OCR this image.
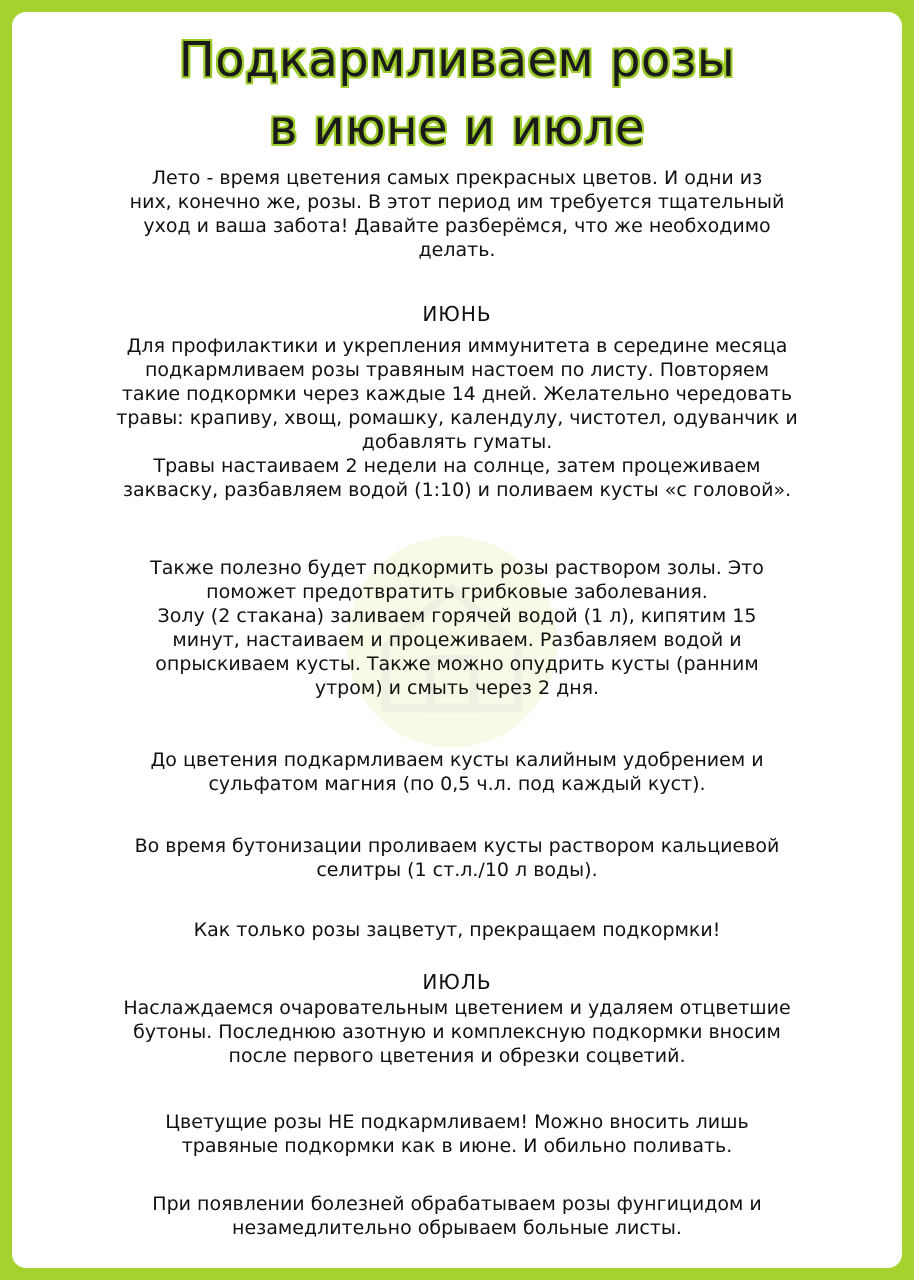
Подкармливаем розы
в июне и июле
Лето - время цветения самых прекрасных цветов. И одни из
них, конечно же, розы. В этот период им требуется тщательный
уход и ваша забота! Давайте разберёмся, что же необходимо
делать.
ИЮНЬ
Для профилактики и укрепления иммунитета в середине месяца
подкармливаем розы травяным настоем по листу. Повторяем
такие подкормки через каждые 14 дней. Желательно чередовать
травы: крапиву, хвощ, ромашку, календулу, чистотел, одуванчик и
добавлять гуматы.
Травы настаиваем 2 недели на солнце, затем процеживаем
закваску, разбавляем водой (1:10) и поливаем кусты «с головой».
Также полезно будет подкормить розы раствором золы. Это
поможет предотвратить грибковые заболевания.
Золу (2 стакана) заливаем горячей водой (1 л), кипятим 15
минут, настаиваем и процеживаем. Разбавляем водой и
опрыскиваем кусты. Также можно опудрить кусты (ранним
утром) и смыть через 2 дня.
До цветения подкармливаем кусты калийным удобрением и
сульфатом магния (по 0,5 ч.л. под каждый куст).
Во время бутонизации проливаем кусты раствором кальциевой
селитры (1 ст.л./10 л воды).
Как только розы зацветут, прекращаем подкормки!
ИЮЛЬ
Наслаждаемся очаровательным цветением и удаляем отцветшие
бутоны. Последнюю азотную и комплексную подкормки вносим
после первого цветения и обрезки соцветий.
Цветущие розы НЕ подкармливаем! Можно вносить лишь
травяные подкормки как в июне. И обильно поливать.
При появлении болезней обрабатываем розы фунгицидом и
незамедлительно обрываем больные листы.
